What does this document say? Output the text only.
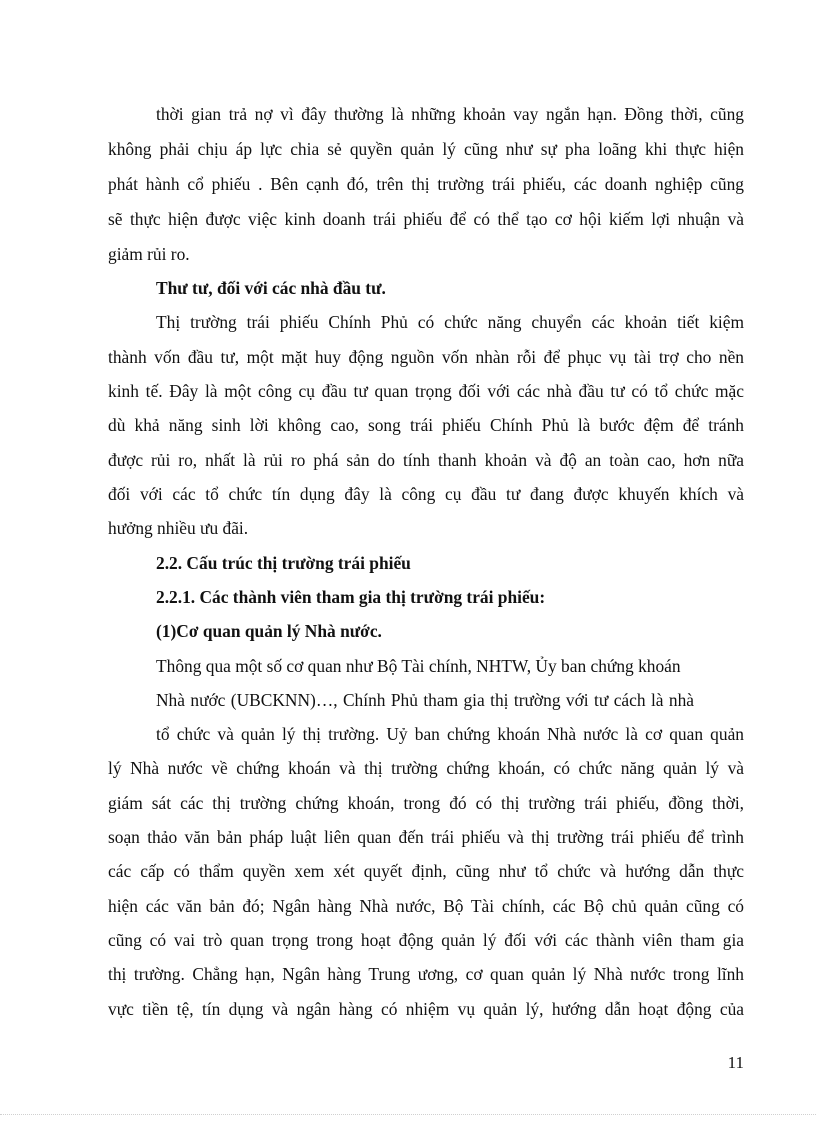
thời gian trả nợ vì đây thường là những khoản vay ngắn hạn. Đồng thời, cũng
không phải chịu áp lực chia sẻ quyền quản lý cũng như sự pha loãng khi thực hiện
phát hành cổ phiếu . Bên cạnh đó, trên thị trường trái phiếu, các doanh nghiệp cũng
sẽ thực hiện được việc kinh doanh trái phiếu để có thể tạo cơ hội kiếm lợi nhuận và
giảm rủi ro.
Thư tư, đối với các nhà đầu tư.
Thị trường trái phiếu Chính Phủ có chức năng chuyển các khoản tiết kiệm
thành vốn đầu tư, một mặt huy động nguồn vốn nhàn rỗi để phục vụ tài trợ cho nền
kinh tế. Đây là một công cụ đầu tư quan trọng đối với các nhà đầu tư có tổ chức mặc
dù khả năng sinh lời không cao, song trái phiếu Chính Phủ là bước đệm để tránh
được rủi ro, nhất là rủi ro phá sản do tính thanh khoản và độ an toàn cao, hơn nữa
đối với các tổ chức tín dụng đây là công cụ đầu tư đang được khuyến khích và
hưởng nhiều ưu đãi.
2.2. Cấu trúc thị trường trái phiếu
2.2.1. Các thành viên tham gia thị trường trái phiếu:
(1)Cơ quan quản lý Nhà nước.
Thông qua một số cơ quan như Bộ Tài chính, NHTW, Ủy ban chứng khoán
Nhà nước (UBCKNN)…, Chính Phủ tham gia thị trường với tư cách là nhà
tổ chức và quản lý thị trường. Uỷ ban chứng khoán Nhà nước là cơ quan quản
lý Nhà nước về chứng khoán và thị trường chứng khoán, có chức năng quản lý và
giám sát các thị trường chứng khoán, trong đó có thị trường trái phiếu, đồng thời,
soạn thảo văn bản pháp luật liên quan đến trái phiếu và thị trường trái phiếu để trình
các cấp có thẩm quyền xem xét quyết định, cũng như tổ chức và hướng dẫn thực
hiện các văn bản đó; Ngân hàng Nhà nước, Bộ Tài chính, các Bộ chủ quản cũng có
cũng có vai trò quan trọng trong hoạt động quản lý đối với các thành viên tham gia
thị trường. Chẳng hạn, Ngân hàng Trung ương, cơ quan quản lý Nhà nước trong lĩnh
vực tiền tệ, tín dụng và ngân hàng có nhiệm vụ quản lý, hướng dẫn hoạt động của
11
